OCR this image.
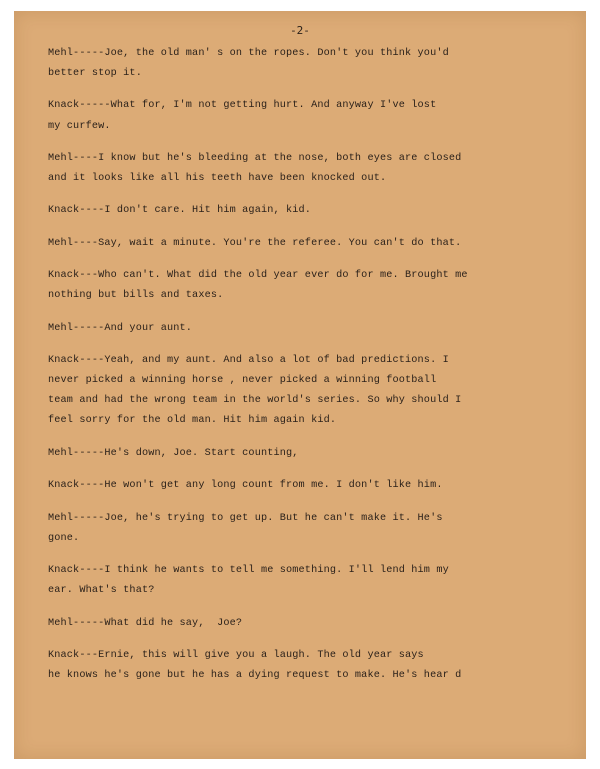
-2-
Mehl-----Joe, the old man' s on the ropes. Don't you think you'd
better stop it.
Knack-----What for, I'm not getting hurt. And anyway I've lost
my curfew.
Mehl----I know but he's bleeding at the nose, both eyes are closed
and it looks like all his teeth have been knocked out.
Knack----I don't care. Hit him again, kid.
Mehl----Say, wait a minute. You're the referee. You can't do that.
Knack---Who can't. What did the old year ever do for me. Brought me
nothing but bills and taxes.
Mehl-----And your aunt.
Knack----Yeah, and my aunt. And also a lot of bad predictions. I
never picked a winning horse , never picked a winning football
team and had the wrong team in the world's series. So why should I
feel sorry for the old man. Hit him again kid.
Mehl-----He's down, Joe. Start counting,
Knack----He won't get any long count from me. I don't like him.
Mehl-----Joe, he's trying to get up. But he can't make it. He's
gone.
Knack----I think he wants to tell me something. I'll lend him my
ear. What's that?
Mehl-----What did he say,  Joe?
Knack---Ernie, this will give you a laugh. The old year says
he knows he's gone but he has a dying request to make. He's hear d
